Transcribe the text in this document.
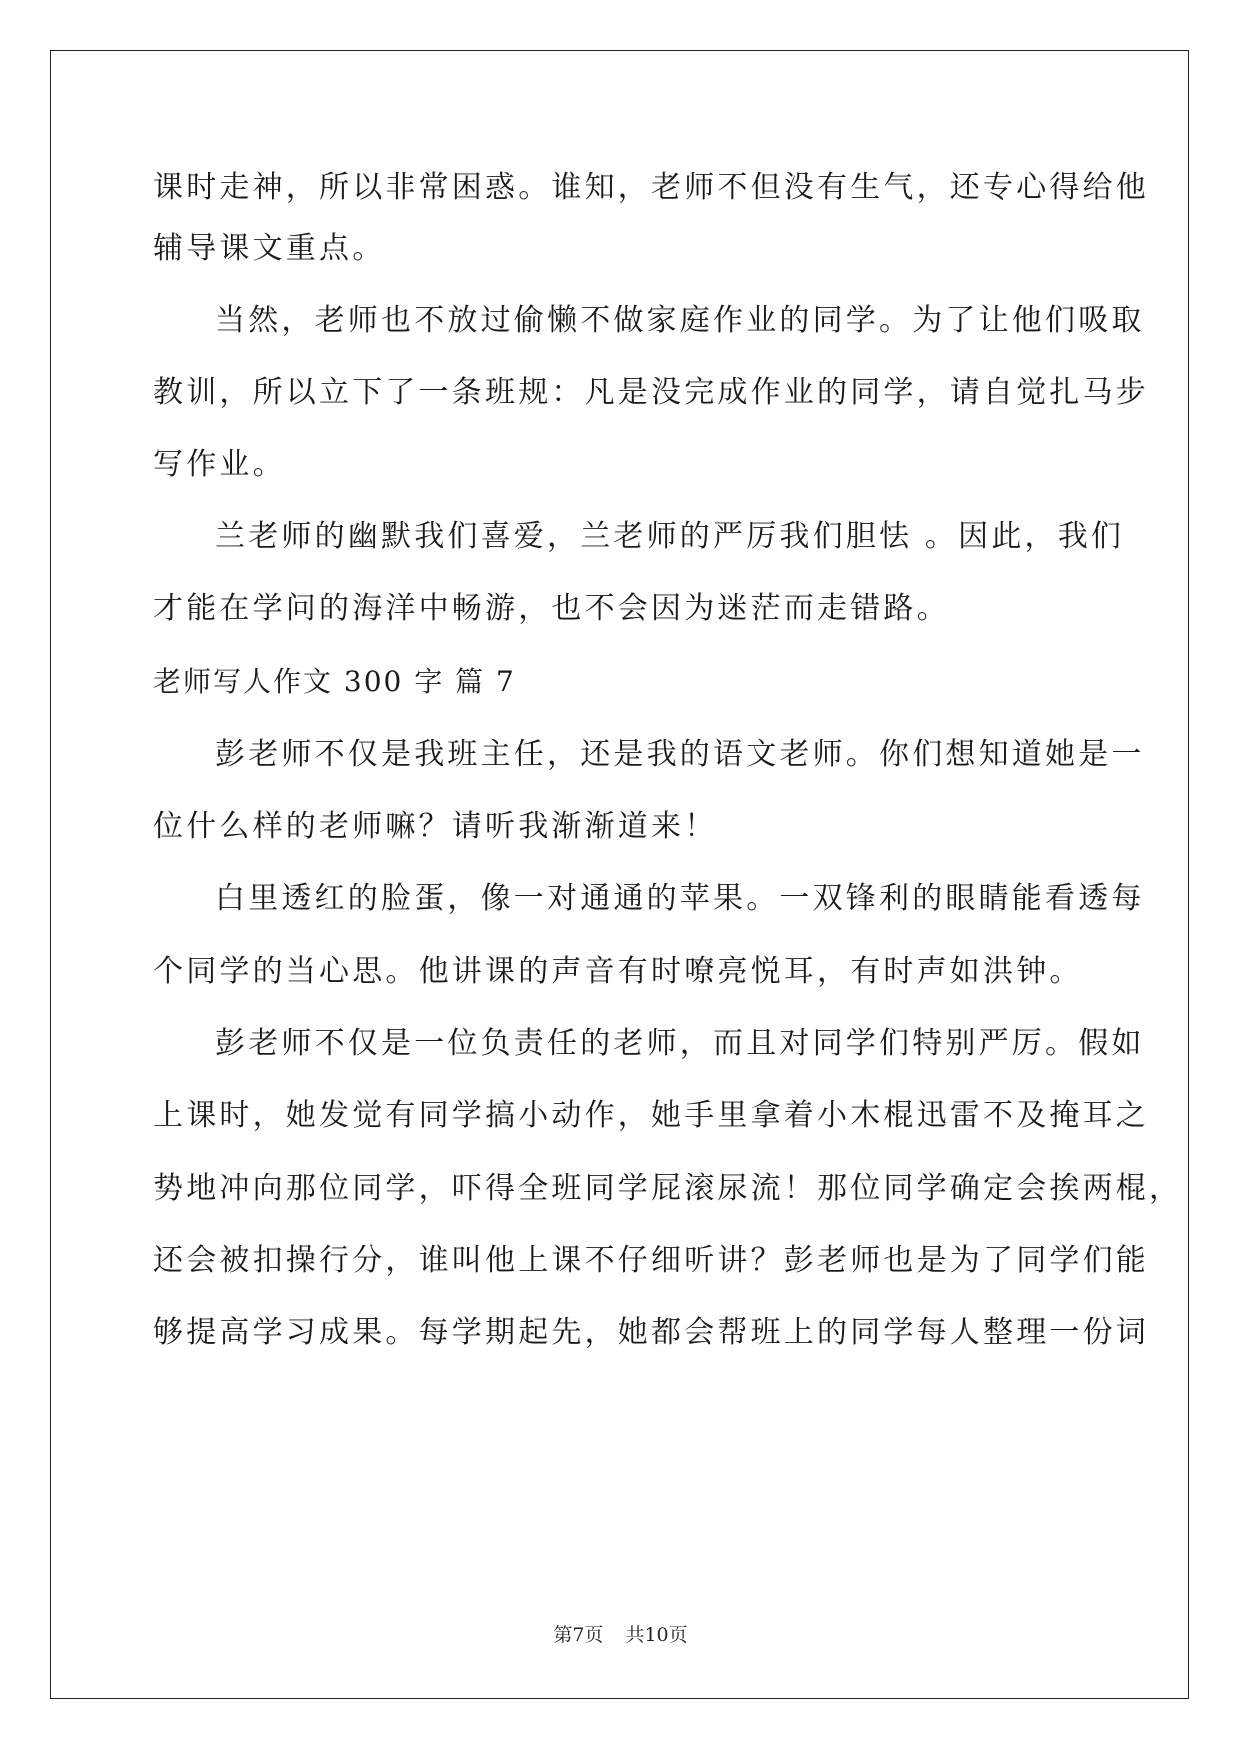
课时走神，所以非常困惑。谁知，老师不但没有生气，还专心得给他
辅导课文重点。
当然，老师也不放过偷懒不做家庭作业的同学。为了让他们吸取
教训，所以立下了一条班规：凡是没完成作业的同学，请自觉扎马步
写作业。
兰老师的幽默我们喜爱，兰老师的严厉我们胆怯 。因此，我们
才能在学问的海洋中畅游，也不会因为迷茫而走错路。
老师写人作文 300 字 篇 7
彭老师不仅是我班主任，还是我的语文老师。你们想知道她是一
位什么样的老师嘛？请听我渐渐道来！
白里透红的脸蛋，像一对通通的苹果。一双锋利的眼睛能看透每
个同学的当心思。他讲课的声音有时嘹亮悦耳，有时声如洪钟。
彭老师不仅是一位负责任的老师，而且对同学们特别严厉。假如
上课时，她发觉有同学搞小动作，她手里拿着小木棍迅雷不及掩耳之
势地冲向那位同学，吓得全班同学屁滚尿流！那位同学确定会挨两棍，
还会被扣操行分，谁叫他上课不仔细听讲？彭老师也是为了同学们能
够提高学习成果。每学期起先，她都会帮班上的同学每人整理一份词
第7页 共10页
